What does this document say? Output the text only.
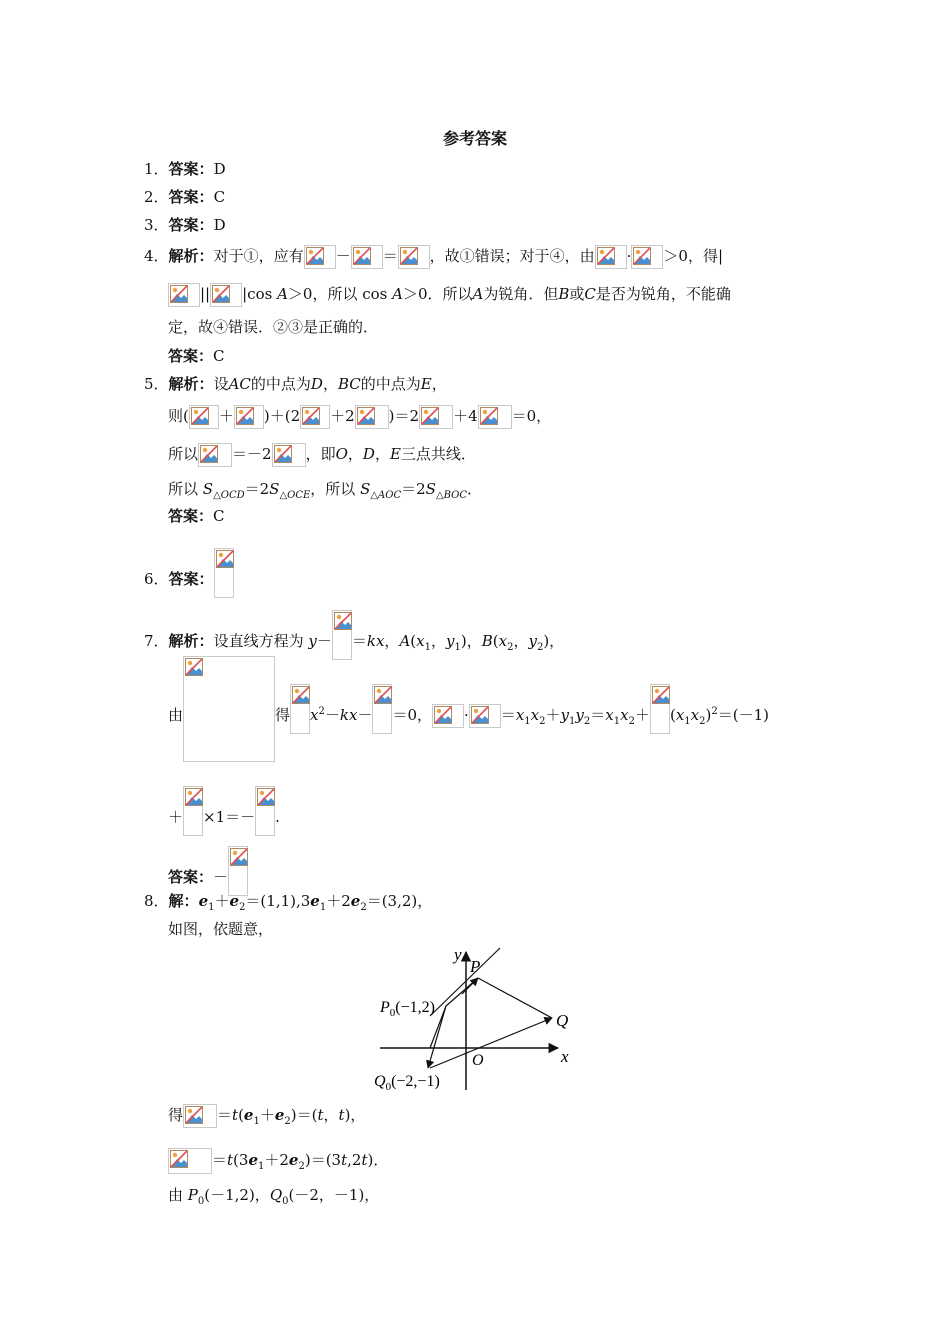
参考答案
1．答案：D
2．答案：C
3．答案：D
4．解析：对于①，应有 － ＝ ，故①错误；对于④，由 · ＞0，得|
|| |cos A＞0，所以 cos A＞0．所以A为锐角．但B或C是否为锐角，不能确
定，故④错误．②③是正确的．
答案：C
5．解析：设AC的中点为D，BC的中点为E，
则( ＋ )＋(2 ＋2 )＝2 ＋4 ＝0，
所以 ＝－2 ，即O，D，E三点共线．
所以 $S_{\triangle OCD}=2S_{\triangle OCE}$，所以 $S_{\triangle AOC}=2S_{\triangle BOC}$．
答案：C
6．答案：
7．解析：设直线方程为 y－ ＝kx，$A(x_1$，$y_1$)，$B(x_2$，$y_2$)，
由	得 $x^2-kx- =0$， · $=x_1x_2+y_1y_2=x_1x_2+ (x_1x_2)^2=(-1)$
＋ ×1＝－ .
答案：－
8．解：$e_1+e_2=(1,1),3e_1+2e_2=(3,2)$，
如图，依题意，
y
P
Q
x
O
$P_0(-1,2)$
$Q_0(-2,-1)$
得 $=t(e_1+e_2)=(t$，t)，
$=t(3e_1+2e_2)=(3t,2t)$．
由 $P_0(-1,2)$，$Q_0(-2$，－1)，
